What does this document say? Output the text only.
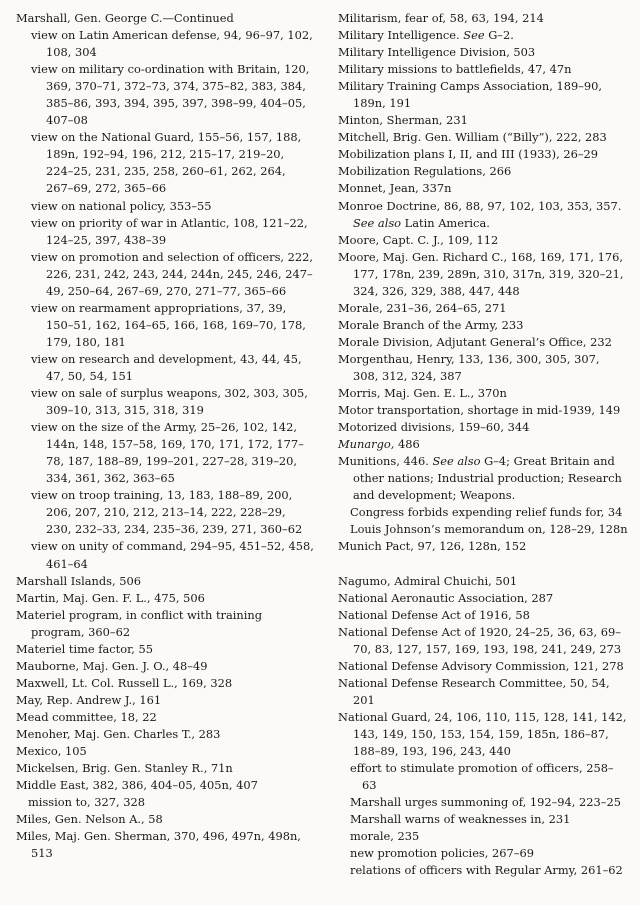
Marshall, Gen. George C.—Continued

view on Latin American defense, 94, 96–97, 102, 108, 304

view on military co-ordination with Britain, 120, 369, 370–71, 372–73, 374, 375–82, 383, 384, 385–86, 393, 394, 395, 397, 398–99, 404–05, 407–08

view on the National Guard, 155–56, 157, 188, 189n, 192–94, 196, 212, 215–17, 219–20, 224–25, 231, 235, 258, 260–61, 262, 264, 267–69, 272, 365–66

view on national policy, 353–55

view on priority of war in Atlantic, 108, 121–22, 124–25, 397, 438–39

view on promotion and selection of officers, 222, 226, 231, 242, 243, 244, 244n, 245, 246, 247–49, 250–64, 267–69, 270, 271–77, 365–66

view on rearmament appropriations, 37, 39, 150–51, 162, 164–65, 166, 168, 169–70, 178, 179, 180, 181

view on research and development, 43, 44, 45, 47, 50, 54, 151

view on sale of surplus weapons, 302, 303, 305, 309–10, 313, 315, 318, 319

view on the size of the Army, 25–26, 102, 142, 144n, 148, 157–58, 169, 170, 171, 172, 177–78, 187, 188–89, 199–201, 227–28, 319–20, 334, 361, 362, 363–65

view on troop training, 13, 183, 188–89, 200, 206, 207, 210, 212, 213–14, 222, 228–29, 230, 232–33, 234, 235–36, 239, 271, 360–62

view on unity of command, 294–95, 451–52, 458, 461–64

Marshall Islands, 506

Martin, Maj. Gen. F. L., 475, 506

Materiel program, in conflict with training program, 360–62

Materiel time factor, 55

Mauborne, Maj. Gen. J. O., 48–49

Maxwell, Lt. Col. Russell L., 169, 328

May, Rep. Andrew J., 161

Mead committee, 18, 22

Menoher, Maj. Gen. Charles T., 283

Mexico, 105

Mickelsen, Brig. Gen. Stanley R., 71n

Middle East, 382, 386, 404–05, 405n, 407

mission to, 327, 328

Miles, Gen. Nelson A., 58

Miles, Maj. Gen. Sherman, 370, 496, 497n, 498n, 513

Militarism, fear of, 58, 63, 194, 214

Military Intelligence. See G–2.

Military Intelligence Division, 503

Military missions to battlefields, 47, 47n

Military Training Camps Association, 189–90, 189n, 191

Minton, Sherman, 231

Mitchell, Brig. Gen. William (“Billy”), 222, 283

Mobilization plans I, II, and III (1933), 26–29

Mobilization Regulations, 266

Monnet, Jean, 337n

Monroe Doctrine, 86, 88, 97, 102, 103, 353, 357.

See also Latin America.

Moore, Capt. C. J., 109, 112

Moore, Maj. Gen. Richard C., 168, 169, 171, 176, 177, 178n, 239, 289n, 310, 317n, 319, 320–21, 324, 326, 329, 388, 447, 448

Morale, 231–36, 264–65, 271

Morale Branch of the Army, 233

Morale Division, Adjutant General’s Office, 232

Morgenthau, Henry, 133, 136, 300, 305, 307, 308, 312, 324, 387

Morris, Maj. Gen. E. L., 370n

Motor transportation, shortage in mid-1939, 149

Motorized divisions, 159–60, 344

Munargo, 486

Munitions, 446. See also G–4; Great Britain and other nations; Industrial production; Research and development; Weapons.

Congress forbids expending relief funds for, 34

Louis Johnson’s memorandum on, 128–29, 128n

Munich Pact, 97, 126, 128n, 152

Nagumo, Admiral Chuichi, 501

National Aeronautic Association, 287

National Defense Act of 1916, 58

National Defense Act of 1920, 24–25, 36, 63, 69–70, 83, 127, 157, 169, 193, 198, 241, 249, 273

National Defense Advisory Commission, 121, 278

National Defense Research Committee, 50, 54, 201

National Guard, 24, 106, 110, 115, 128, 141, 142, 143, 149, 150, 153, 154, 159, 185n, 186–87, 188–89, 193, 196, 243, 440

effort to stimulate promotion of officers, 258–63

Marshall urges summoning of, 192–94, 223–25

Marshall warns of weaknesses in, 231

morale, 235

new promotion policies, 267–69

relations of officers with Regular Army, 261–62
